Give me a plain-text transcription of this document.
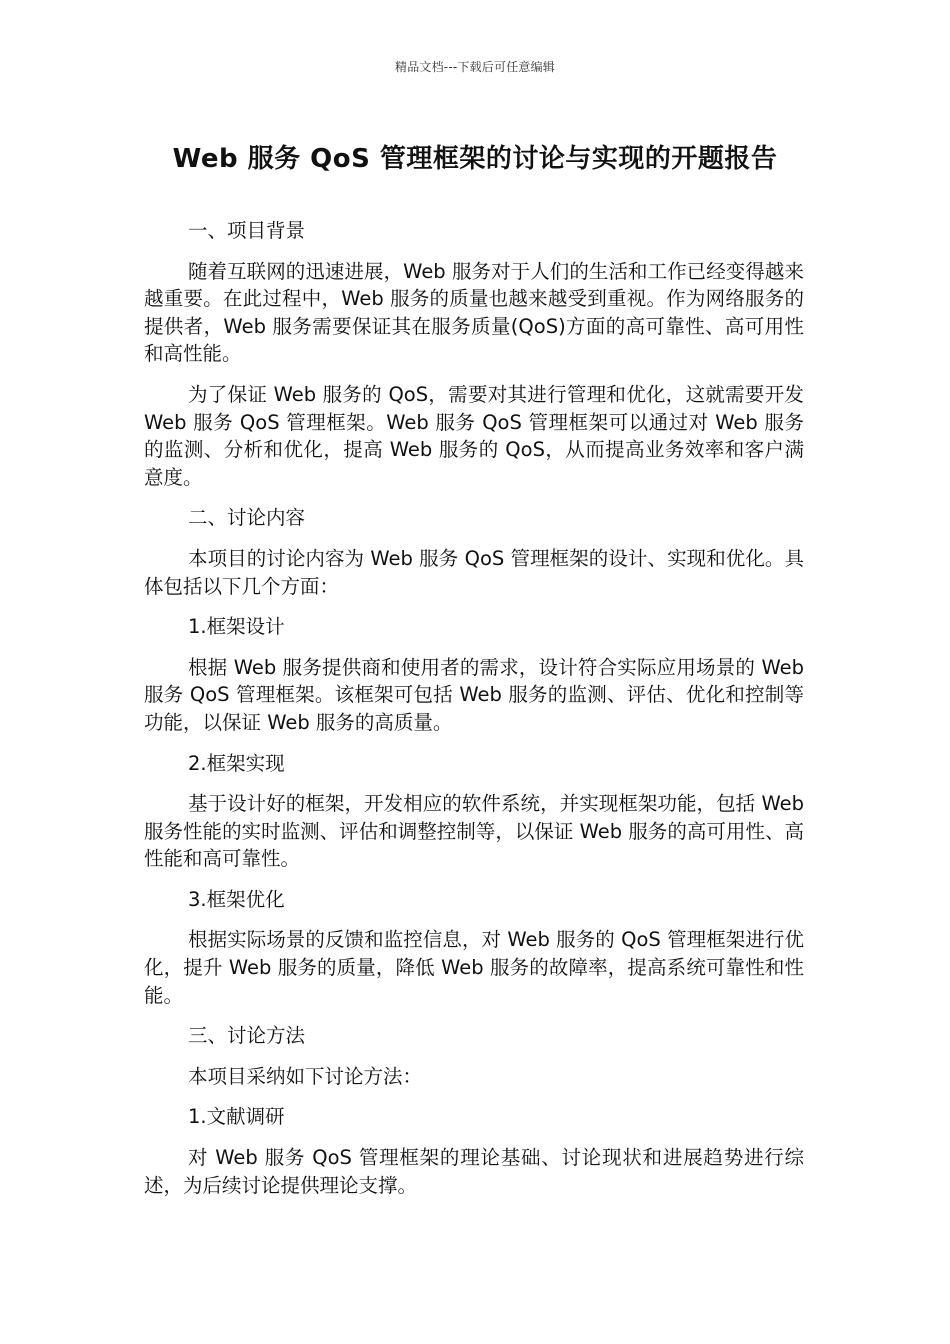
精品文档---下载后可任意编辑
Web 服务 QoS 管理框架的讨论与实现的开题报告

一、项目背景

随着互联网的迅速进展，Web 服务对于人们的生活和工作已经变得越来越重要。在此过程中，Web 服务的质量也越来越受到重视。作为网络服务的提供者，Web 服务需要保证其在服务质量(QoS)方面的高可靠性、高可用性和高性能。

为了保证 Web 服务的 QoS，需要对其进行管理和优化，这就需要开发 Web 服务 QoS 管理框架。Web 服务 QoS 管理框架可以通过对 Web 服务的监测、分析和优化，提高 Web 服务的 QoS，从而提高业务效率和客户满意度。

二、讨论内容

本项目的讨论内容为 Web 服务 QoS 管理框架的设计、实现和优化。具体包括以下几个方面：

1.框架设计

根据 Web 服务提供商和使用者的需求，设计符合实际应用场景的 Web 服务 QoS 管理框架。该框架可包括 Web 服务的监测、评估、优化和控制等功能，以保证 Web 服务的高质量。

2.框架实现

基于设计好的框架，开发相应的软件系统，并实现框架功能，包括 Web 服务性能的实时监测、评估和调整控制等，以保证 Web 服务的高可用性、高性能和高可靠性。

3.框架优化

根据实际场景的反馈和监控信息，对 Web 服务的 QoS 管理框架进行优化，提升 Web 服务的质量，降低 Web 服务的故障率，提高系统可靠性和性能。

三、讨论方法

本项目采纳如下讨论方法：

1.文献调研

对 Web 服务 QoS 管理框架的理论基础、讨论现状和进展趋势进行综述，为后续讨论提供理论支撑。
